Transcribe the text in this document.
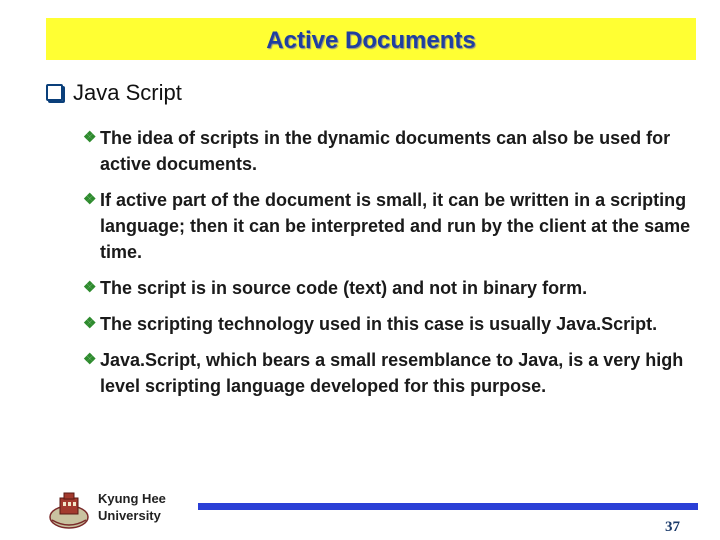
Active Documents
Java Script
❖ The idea of scripts in the dynamic documents can also be used for active documents.
❖ If active part of the document is small, it can be written in a scripting language; then it can be interpreted and run by the client at the same time.
❖ The script is in source code (text) and not in binary form.
❖ The scripting technology used in this case is usually Java.Script.
❖ Java.Script, which bears a small resemblance to Java, is a very high level scripting language developed for this purpose.
Kyung Hee
University
37
